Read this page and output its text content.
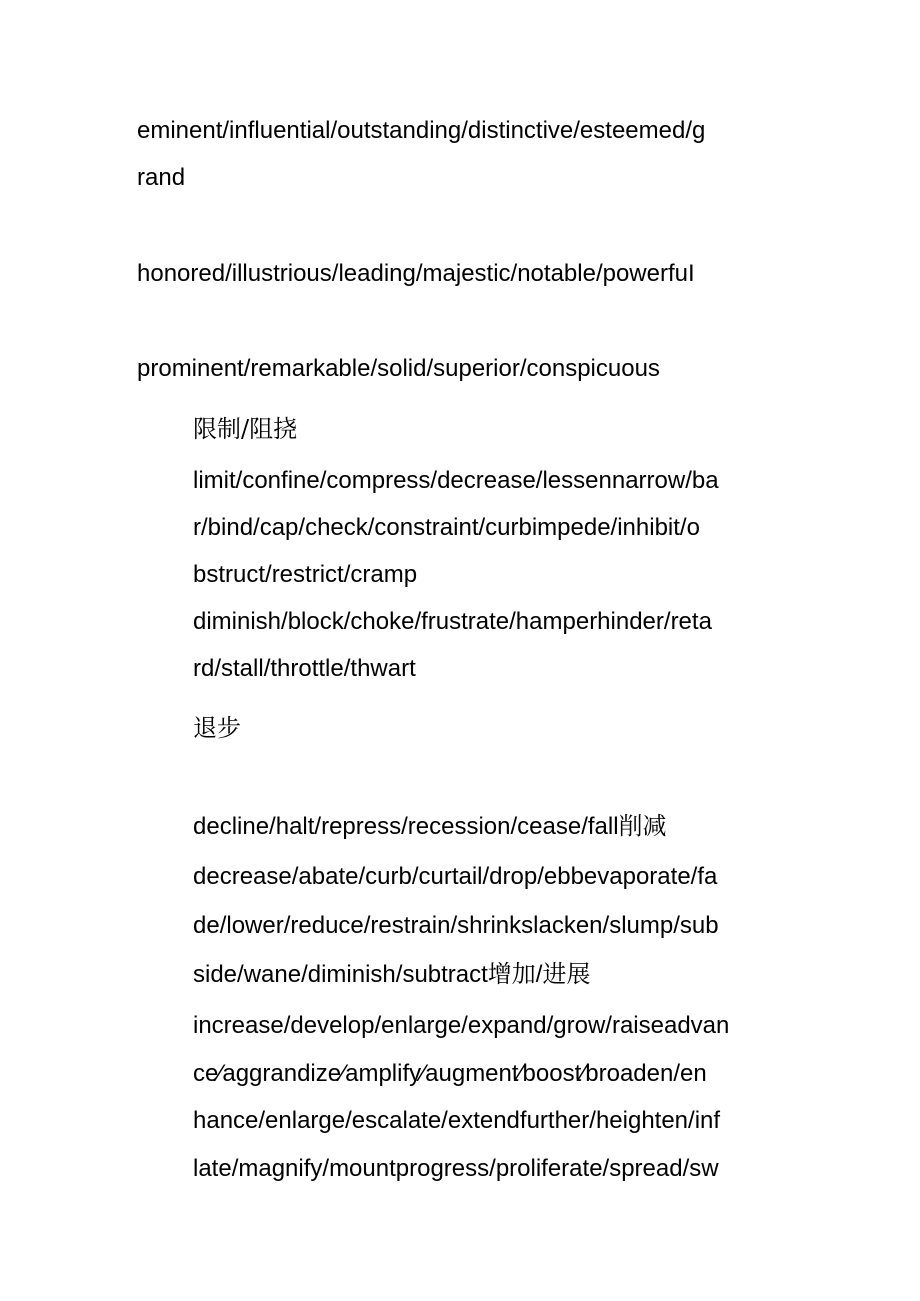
eminent/influential/outstanding/distinctive/esteemed/g

rand

honored/illustrious/leading/majestic/notable/powerfuI

prominent/remarkable/solid/superior/conspicuous

限制/阻挠

limit/confine/compress/decrease/lessennarrow/ba

r/bind/cap/check/constraint/curbimpede/inhibit/o

bstruct/restrict/cramp

diminish/block/choke/frustrate/hamperhinder/reta

rd/stall/throttle/thwart

退步

decline/halt/repress/recession/cease/fall削减

decrease/abate/curb/curtail/drop/ebbevaporate/fa

de/lower/reduce/restrain/shrinkslacken/slump/sub

side/wane/diminish/subtract增加/进展

increase/develop/enlarge/expand/grow/raiseadvan

ce⁄aggrandize⁄amplify⁄augment⁄boost⁄broaden/en

hance/enlarge/escalate/extendfurther/heighten/inf

late/magnify/mountprogress/proliferate/spread/sw
